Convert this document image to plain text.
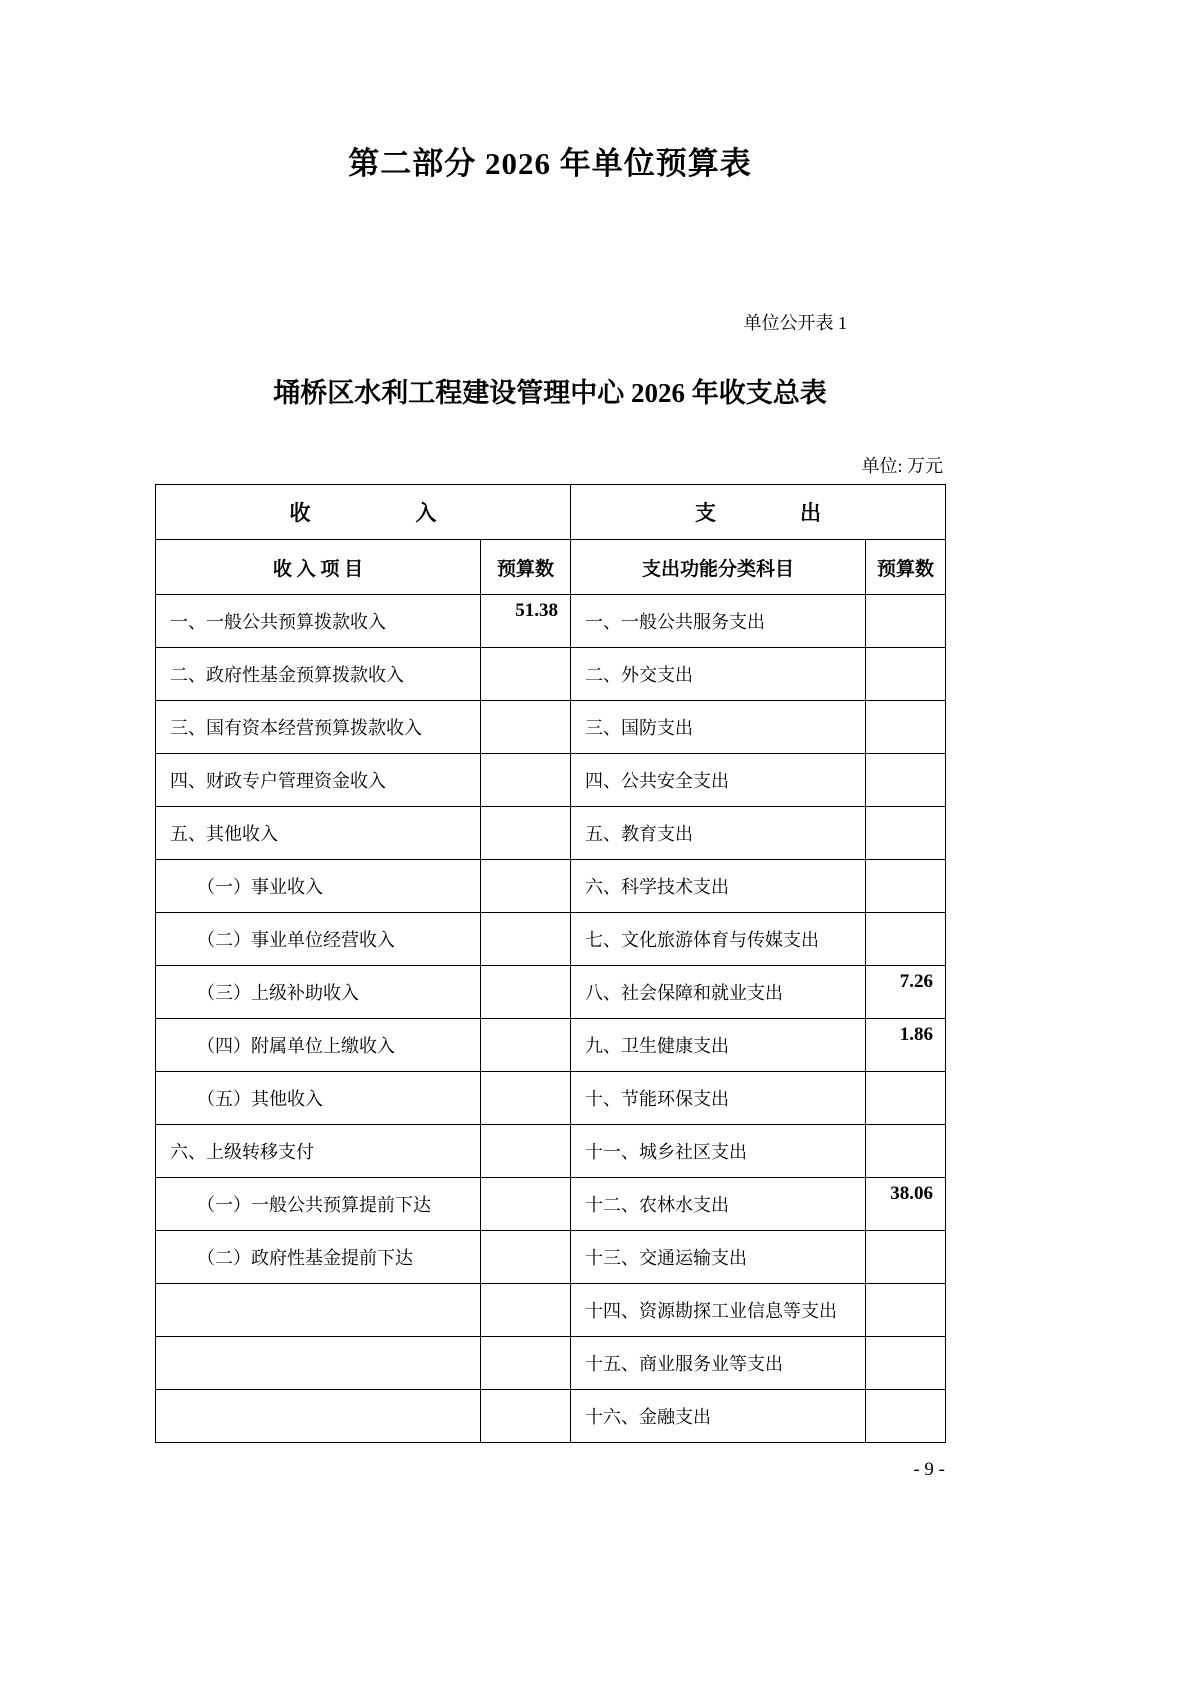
第二部分 2026 年单位预算表
单位公开表 1
埇桥区水利工程建设管理中心 2026 年收支总表
单位: 万元
收　　　　　入		支　　　　出	
收 入 项 目	预算数	支出功能分类科目	预算数
一、一般公共预算拨款收入	51.38	一、一般公共服务支出	
二、政府性基金预算拨款收入		二、外交支出	
三、国有资本经营预算拨款收入		三、国防支出	
四、财政专户管理资金收入		四、公共安全支出	
五、其他收入		五、教育支出	
　　（一）事业收入		六、科学技术支出	
　　（二）事业单位经营收入		七、文化旅游体育与传媒支出	
　　（三）上级补助收入		八、社会保障和就业支出	7.26
　　（四）附属单位上缴收入		九、卫生健康支出	1.86
　　（五）其他收入		十、节能环保支出	
六、上级转移支付		十一、城乡社区支出	
　　（一）一般公共预算提前下达		十二、农林水支出	38.06
　　（二）政府性基金提前下达		十三、交通运输支出	
		十四、资源勘探工业信息等支出	
		十五、商业服务业等支出	
		十六、金融支出	
- 9 -
